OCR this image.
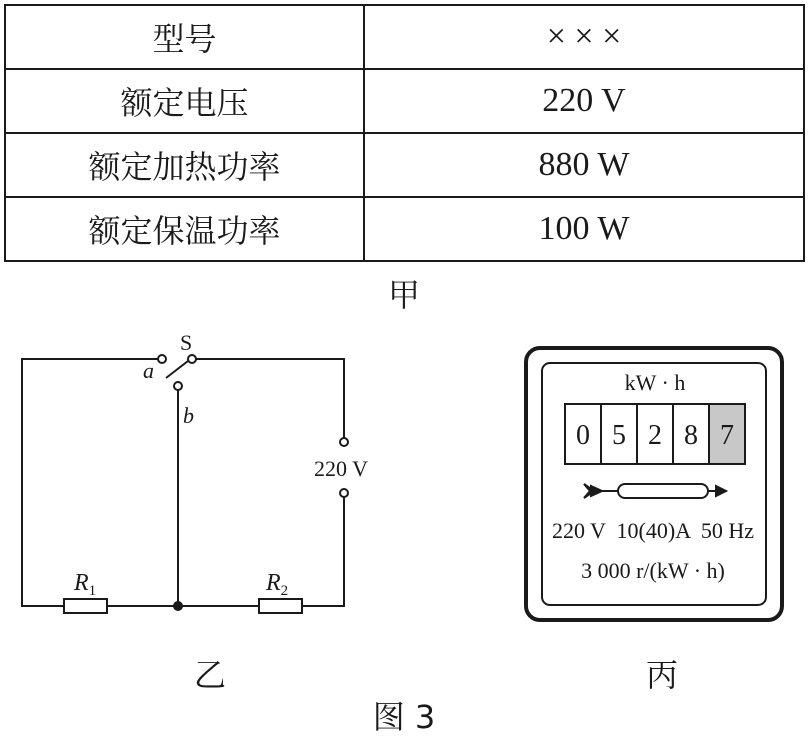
型号	× × ×
额定电压	220 V
额定加热功率	880 W
额定保温功率	100 W
甲
S
a
b
220 V
$R_1$	$R_2$
0 5 2 8 7
kW · h
220 V  10(40)A  50 Hz
3 000 r/(kW · h)
乙	丙
图 3
